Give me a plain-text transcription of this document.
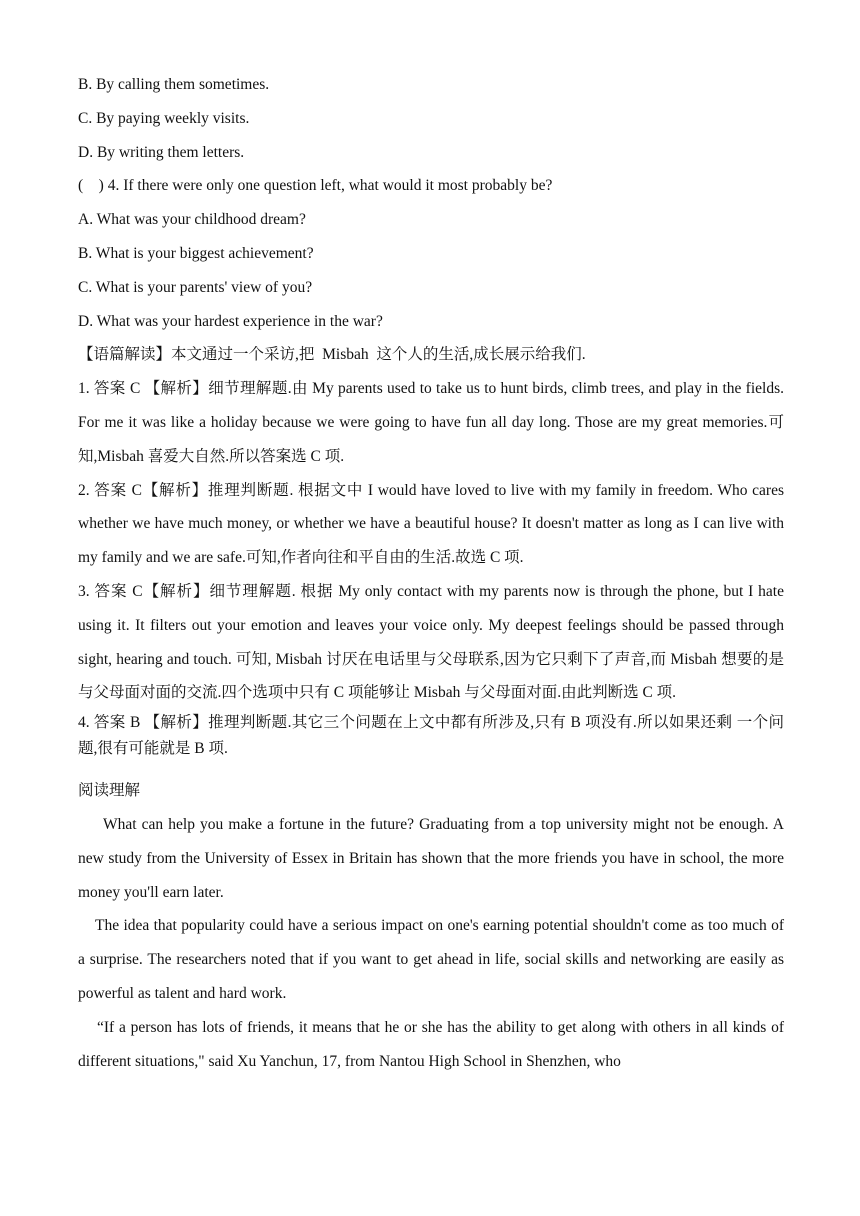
B. By calling them sometimes.
C. By paying weekly visits.
D. By writing them letters.
(    ) 4. If there were only one question left, what would it most probably be?
A. What was your childhood dream?
B. What is your biggest achievement?
C. What is your parents' view of you?
D. What was your hardest experience in the war?
【语篇解读】本文通过一个采访,把  Misbah  这个人的生活,成长展示给我们.
1. 答案 C 【解析】细节理解题.由 My parents used to take us to hunt birds, climb trees, and play in the fields. For me it was like a holiday because we were going to have fun all day long. Those are my great memories.可知,Misbah 喜爱大自然.所以答案选 C 项.
2. 答案 C【解析】推理判断题. 根据文中 I would have loved to live with my family in freedom. Who cares whether we have much money, or whether we have a beautiful house? It doesn't matter as long as I can live with my family and we are safe.可知,作者向往和平自由的生活.故选 C 项.
3. 答案 C【解析】细节理解题. 根据 My only contact with my parents now is through the phone, but I hate using it. It filters out your emotion and leaves your voice only. My deepest feelings should be passed through sight, hearing and touch. 可知, Misbah 讨厌在电话里与父母联系,因为它只剩下了声音,而 Misbah 想要的是与父母面对面的交流.四个选项中只有 C 项能够让 Misbah 与父母面对面.由此判断选 C 项.
4. 答案 B 【解析】推理判断题.其它三个问题在上文中都有所涉及,只有 B 项没有.所以如果还剩 一个问题,很有可能就是 B 项.
阅读理解
What can help you make a fortune in the future? Graduating from a top university might not be enough. A new study from the University of Essex in Britain has shown that the more friends you have in school, the more money you'll earn later.
The idea that popularity could have a serious impact on one's earning potential shouldn't come as too much of a surprise. The researchers noted that if you want to get ahead in life, social skills and networking are easily as powerful as talent and hard work.
“If a person has lots of friends, it means that he or she has the ability to get along with others in all kinds of different situations," said Xu Yanchun, 17, from Nantou High School in Shenzhen, who
